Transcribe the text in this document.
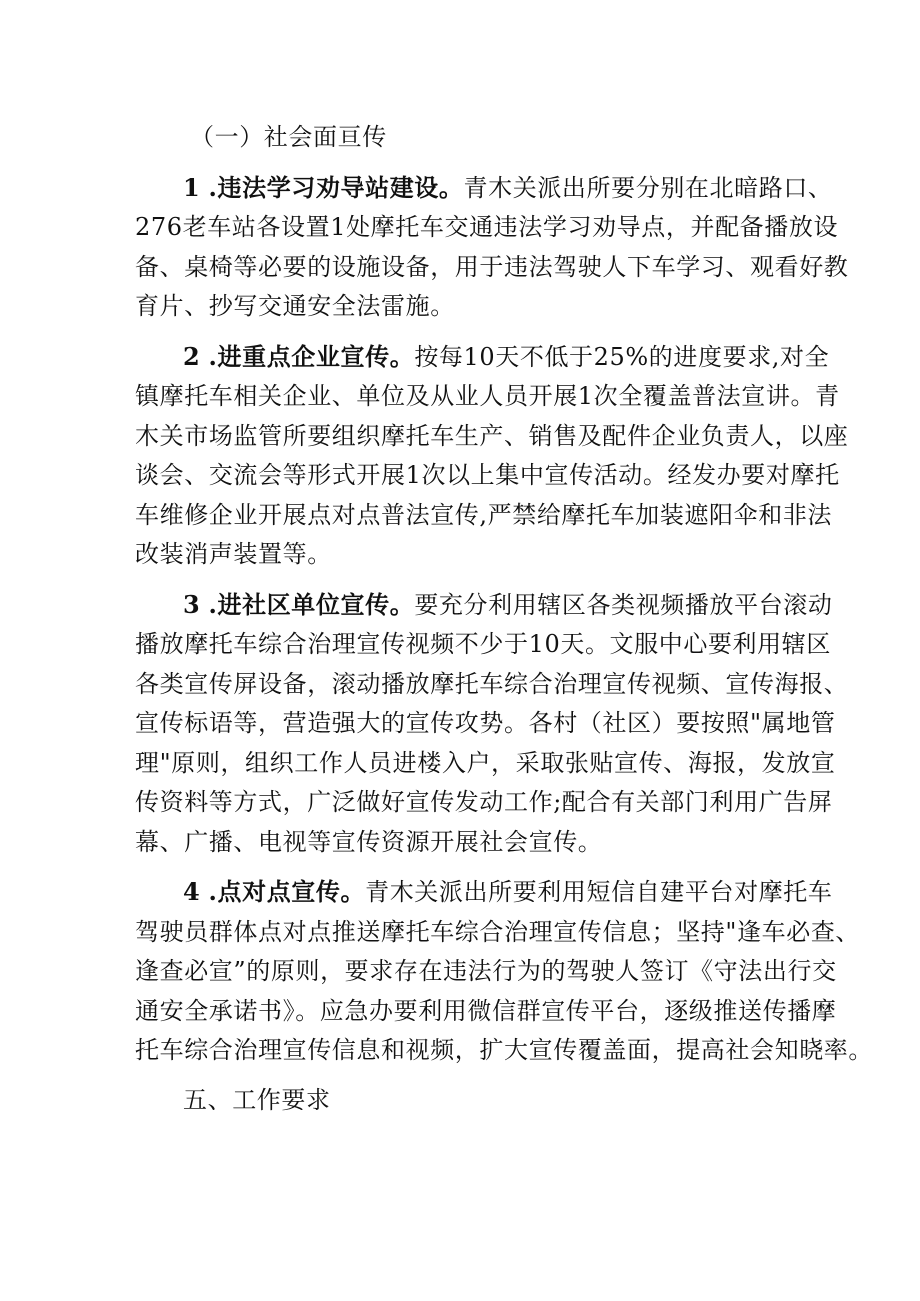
（一）社会面亘传
1 .违法学习劝导站建设。青木关派出所要分别在北暗路口、
276老车站各设置1处摩托车交通违法学习劝导点，并配备播放设
备、桌椅等必要的设施设备，用于违法驾驶人下车学习、观看好教
育片、抄写交通安全法雷施。
2 .进重点企业宣传。按每10天不低于25%的进度要求,对全
镇摩托车相关企业、单位及从业人员开展1次全覆盖普法宣讲。青
木关市场监管所要组织摩托车生产、销售及配件企业负责人，以座
谈会、交流会等形式开展1次以上集中宣传活动。经发办要对摩托
车维修企业开展点对点普法宣传,严禁给摩托车加装遮阳伞和非法
改装消声装置等。
3 .进社区单位宣传。要充分利用辖区各类视频播放平台滚动
播放摩托车综合治理宣传视频不少于10天。文服中心要利用辖区
各类宣传屏设备，滚动播放摩托车综合治理宣传视频、宣传海报、
宣传标语等，营造强大的宣传攻势。各村（社区）要按照"属地管
理"原则，组织工作人员进楼入户，采取张贴宣传、海报，发放宣
传资料等方式，广泛做好宣传发动工作;配合有关部门利用广告屏
幕、广播、电视等宣传资源开展社会宣传。
4 .点对点宣传。青木关派出所要利用短信自建平台对摩托车
驾驶员群体点对点推送摩托车综合治理宣传信息；坚持"逢车必查、
逢查必宣”的原则，要求存在违法行为的驾驶人签订《守法出行交
通安全承诺书》。应急办要利用微信群宣传平台，逐级推送传播摩
托车综合治理宣传信息和视频，扩大宣传覆盖面，提高社会知晓率。
五、工作要求
